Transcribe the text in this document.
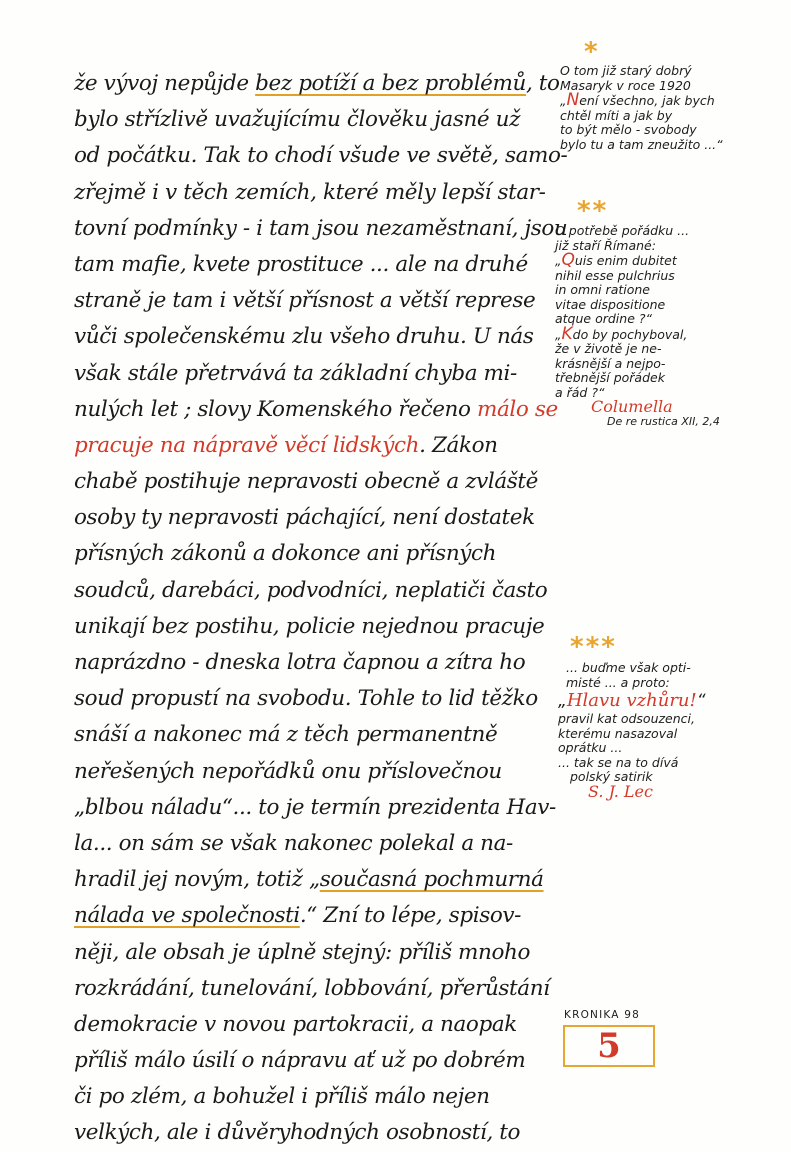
že vývoj nepůjde bez potíží a bez problémů, to
bylo střízlivě uvažujícímu člověku jasné už
od počátku. Tak to chodí všude ve světě, samo-
zřejmě i v těch zemích, které měly lepší star-
tovní podmínky - i tam jsou nezaměstnaní, jsou
tam mafie, kvete prostituce ... ale na druhé
straně je tam i větší přísnost a větší represe
vůči společenskému zlu všeho druhu. U nás
však stále přetrvává ta základní chyba mi-
nulých let ; slovy Komenského řečeno málo se
pracuje na nápravě věcí lidských. Zákon
chabě postihuje nepravosti obecně a zvláště
osoby ty nepravosti páchající, není dostatek
přísných zákonů a dokonce ani přísných
soudců, darebáci, podvodníci, neplatiči často
unikají bez postihu, policie nejednou pracuje
naprázdno - dneska lotra čapnou a zítra ho
soud propustí na svobodu. Tohle to lid těžko
snáší a nakonec má z těch permanentně
neřešených nepořádků onu příslovečnou
„blbou náladu“... to je termín prezidenta Hav-
la... on sám se však nakonec polekal a na-
hradil jej novým, totiž „současná pochmurná
nálada ve společnosti.“ Zní to lépe, spisov-
něji, ale obsah je úplně stejný: příliš mnoho
rozkrádání, tunelování, lobbování, přerůstání
demokracie v novou partokracii, a naopak
příliš málo úsilí o nápravu ať už po dobrém
či po zlém, a bohužel i příliš málo nejen
velkých, ale i důvěryhodných osobností, to
*
O tom již starý dobrý
Masaryk v roce 1920
„Není všechno, jak bych
chtěl míti a jak by
to být mělo - svobody
bylo tu a tam zneužito ...“
**
O potřebě pořádku ...
již staří Římané:
„Quis enim dubitet
nihil esse pulchrius
in omni ratione
vitae dispositione
atque ordine ?“
„Kdo by pochyboval,
že v životě je ne-
krásnější a nejpo-
třebnější pořádek
a řád ?“
Columella
De re rustica XII, 2,4
***
... buďme však opti-
misté ... a proto:
„Hlavu vzhůru!“
pravil kat odsouzenci,
kterému nasazoval
oprátku ...
... tak se na to dívá
polský satirik
S. J. Lec
KRONIKA 98
5
